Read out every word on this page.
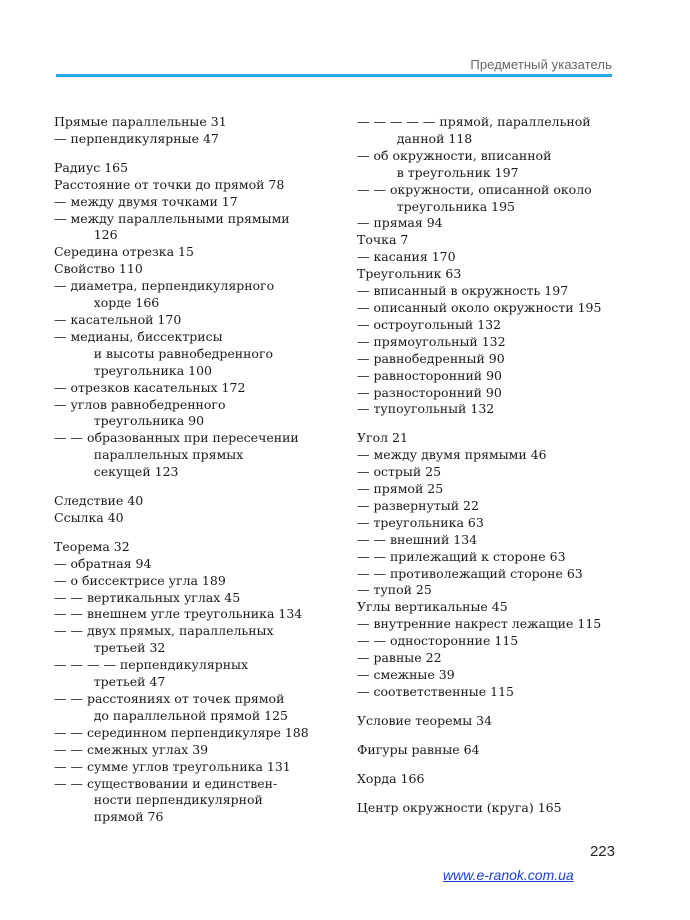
Предметный указатель
Прямые параллельные 31
— перпендикулярные 47
Радиус 165
Расстояние от точки до прямой 78
— между двумя точками 17
— между параллельными прямыми
126
Середина отрезка 15
Свойство 110
— диаметра, перпендикулярного
хорде 166
— касательной 170
— медианы, биссектрисы
и высоты равнобедренного
треугольника 100
— отрезков касательных 172
— углов равнобедренного
треугольника 90
— — образованных при пересечении
параллельных прямых
секущей 123
Следствие 40
Ссылка 40
Теорема 32
— обратная 94
— о биссектрисе угла 189
— — вертикальных углах 45
— — внешнем угле треугольника 134
— — двух прямых, параллельных
третьей 32
— — — — перпендикулярных
третьей 47
— — расстояниях от точек прямой
до параллельной прямой 125
— — серединном перпендикуляре 188
— — смежных углах 39
— — сумме углов треугольника 131
— — существовании и единствен-
ности перпендикулярной
прямой 76
— — — — — прямой, параллельной
данной 118
— об окружности, вписанной
в треугольник 197
— — окружности, описанной около
треугольника 195
— прямая 94
Точка 7
— касания 170
Треугольник 63
— вписанный в окружность 197
— описанный около окружности 195
— остроугольный 132
— прямоугольный 132
— равнобедренный 90
— равносторонний 90
— разносторонний 90
— тупоугольный 132
Угол 21
— между двумя прямыми 46
— острый 25
— прямой 25
— развернутый 22
— треугольника 63
— — внешний 134
— — прилежащий к стороне 63
— — противолежащий стороне 63
— тупой 25
Углы вертикальные 45
— внутренние накрест лежащие 115
— — односторонние 115
— равные 22
— смежные 39
— соответственные 115
Условие теоремы 34
Фигуры равные 64
Хорда 166
Центр окружности (круга) 165
223
www.e-ranok.com.ua
